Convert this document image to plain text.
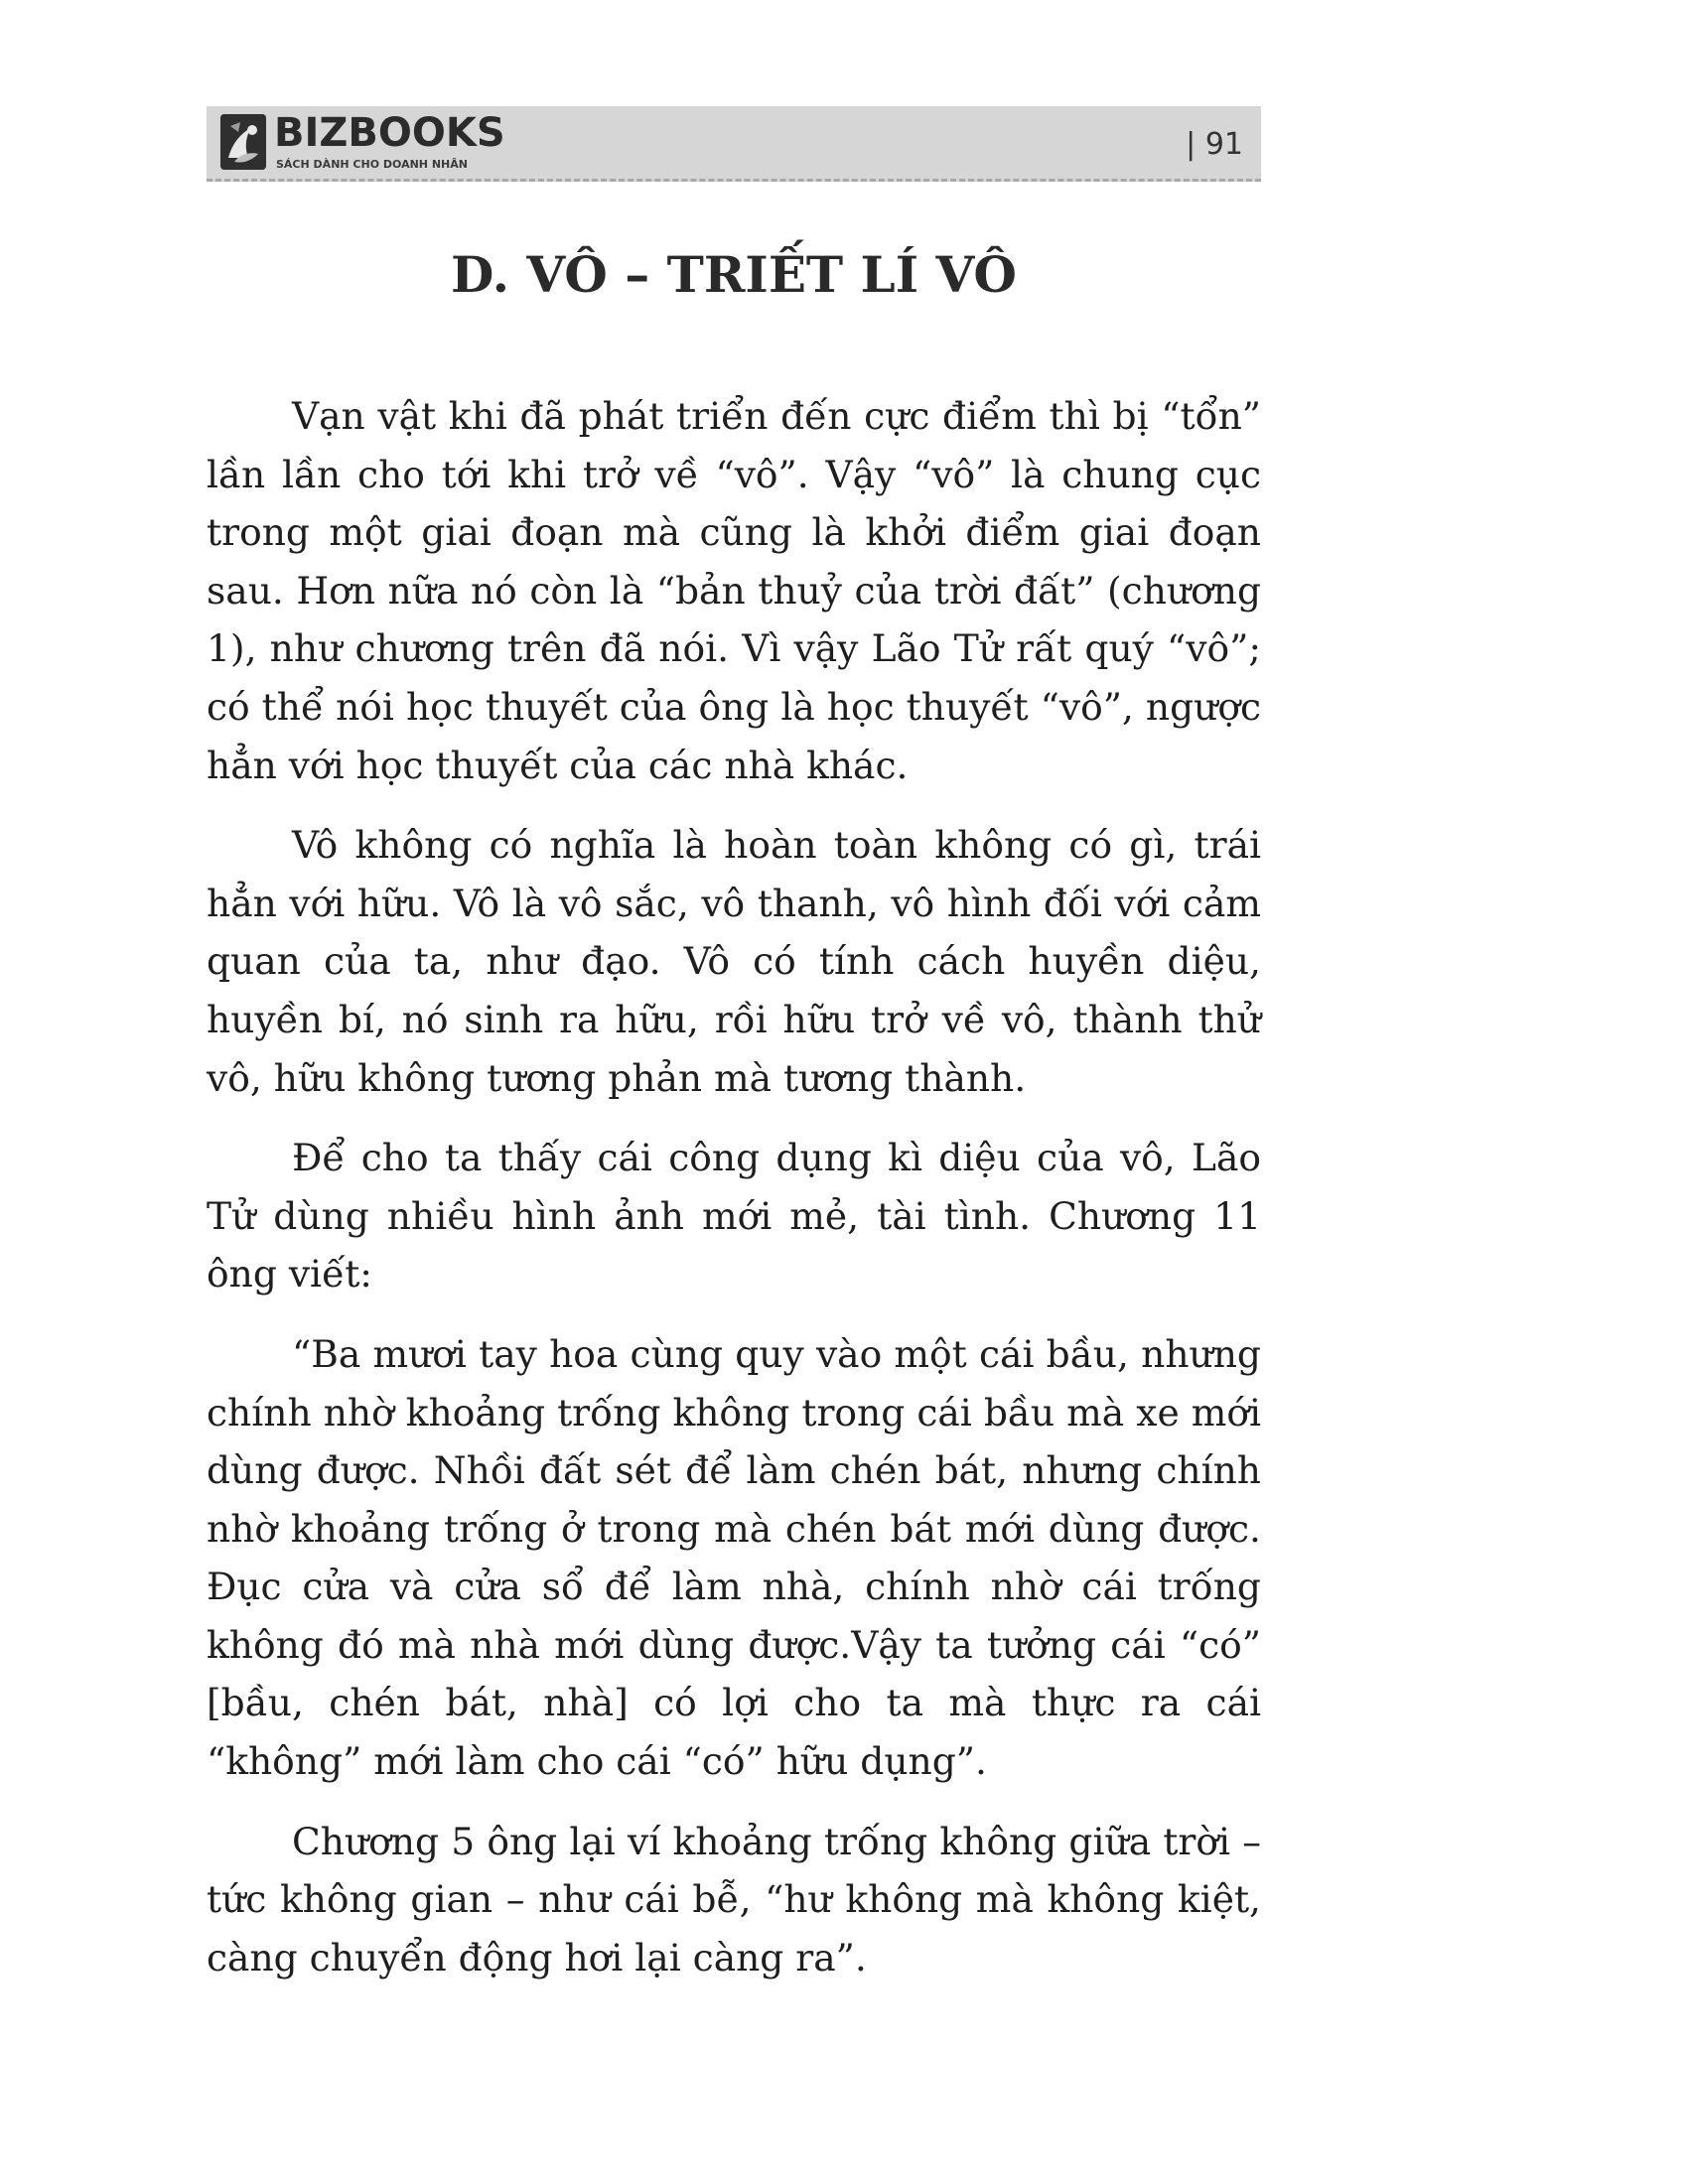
BIZBOOKS
SÁCH DÀNH CHO DOANH NHÂN
| 91
D. VÔ – TRIẾT LÍ VÔ

Vạn vật khi đã phát triển đến cực điểm thì bị “tổn” lần lần cho tới khi trở về “vô”. Vậy “vô” là chung cục trong một giai đoạn mà cũng là khởi điểm giai đoạn sau. Hơn nữa nó còn là “bản thuỷ của trời đất” (chương 1), như chương trên đã nói. Vì vậy Lão Tử rất quý “vô”; có thể nói học thuyết của ông là học thuyết “vô”, ngược hẳn với học thuyết của các nhà khác.

Vô không có nghĩa là hoàn toàn không có gì, trái hẳn với hữu. Vô là vô sắc, vô thanh, vô hình đối với cảm quan của ta, như đạo. Vô có tính cách huyền diệu, huyền bí, nó sinh ra hữu, rồi hữu trở về vô, thành thử vô, hữu không tương phản mà tương thành.

Để cho ta thấy cái công dụng kì diệu của vô, Lão Tử dùng nhiều hình ảnh mới mẻ, tài tình. Chương 11 ông viết:

“Ba mươi tay hoa cùng quy vào một cái bầu, nhưng chính nhờ khoảng trống không trong cái bầu mà xe mới dùng được. Nhồi đất sét để làm chén bát, nhưng chính nhờ khoảng trống ở trong mà chén bát mới dùng được. Đục cửa và cửa sổ để làm nhà, chính nhờ cái trống không đó mà nhà mới dùng được.Vậy ta tưởng cái “có” [bầu, chén bát, nhà] có lợi cho ta mà thực ra cái “không” mới làm cho cái “có” hữu dụng”.

Chương 5 ông lại ví khoảng trống không giữa trời – tức không gian – như cái bễ, “hư không mà không kiệt, càng chuyển động hơi lại càng ra”.
